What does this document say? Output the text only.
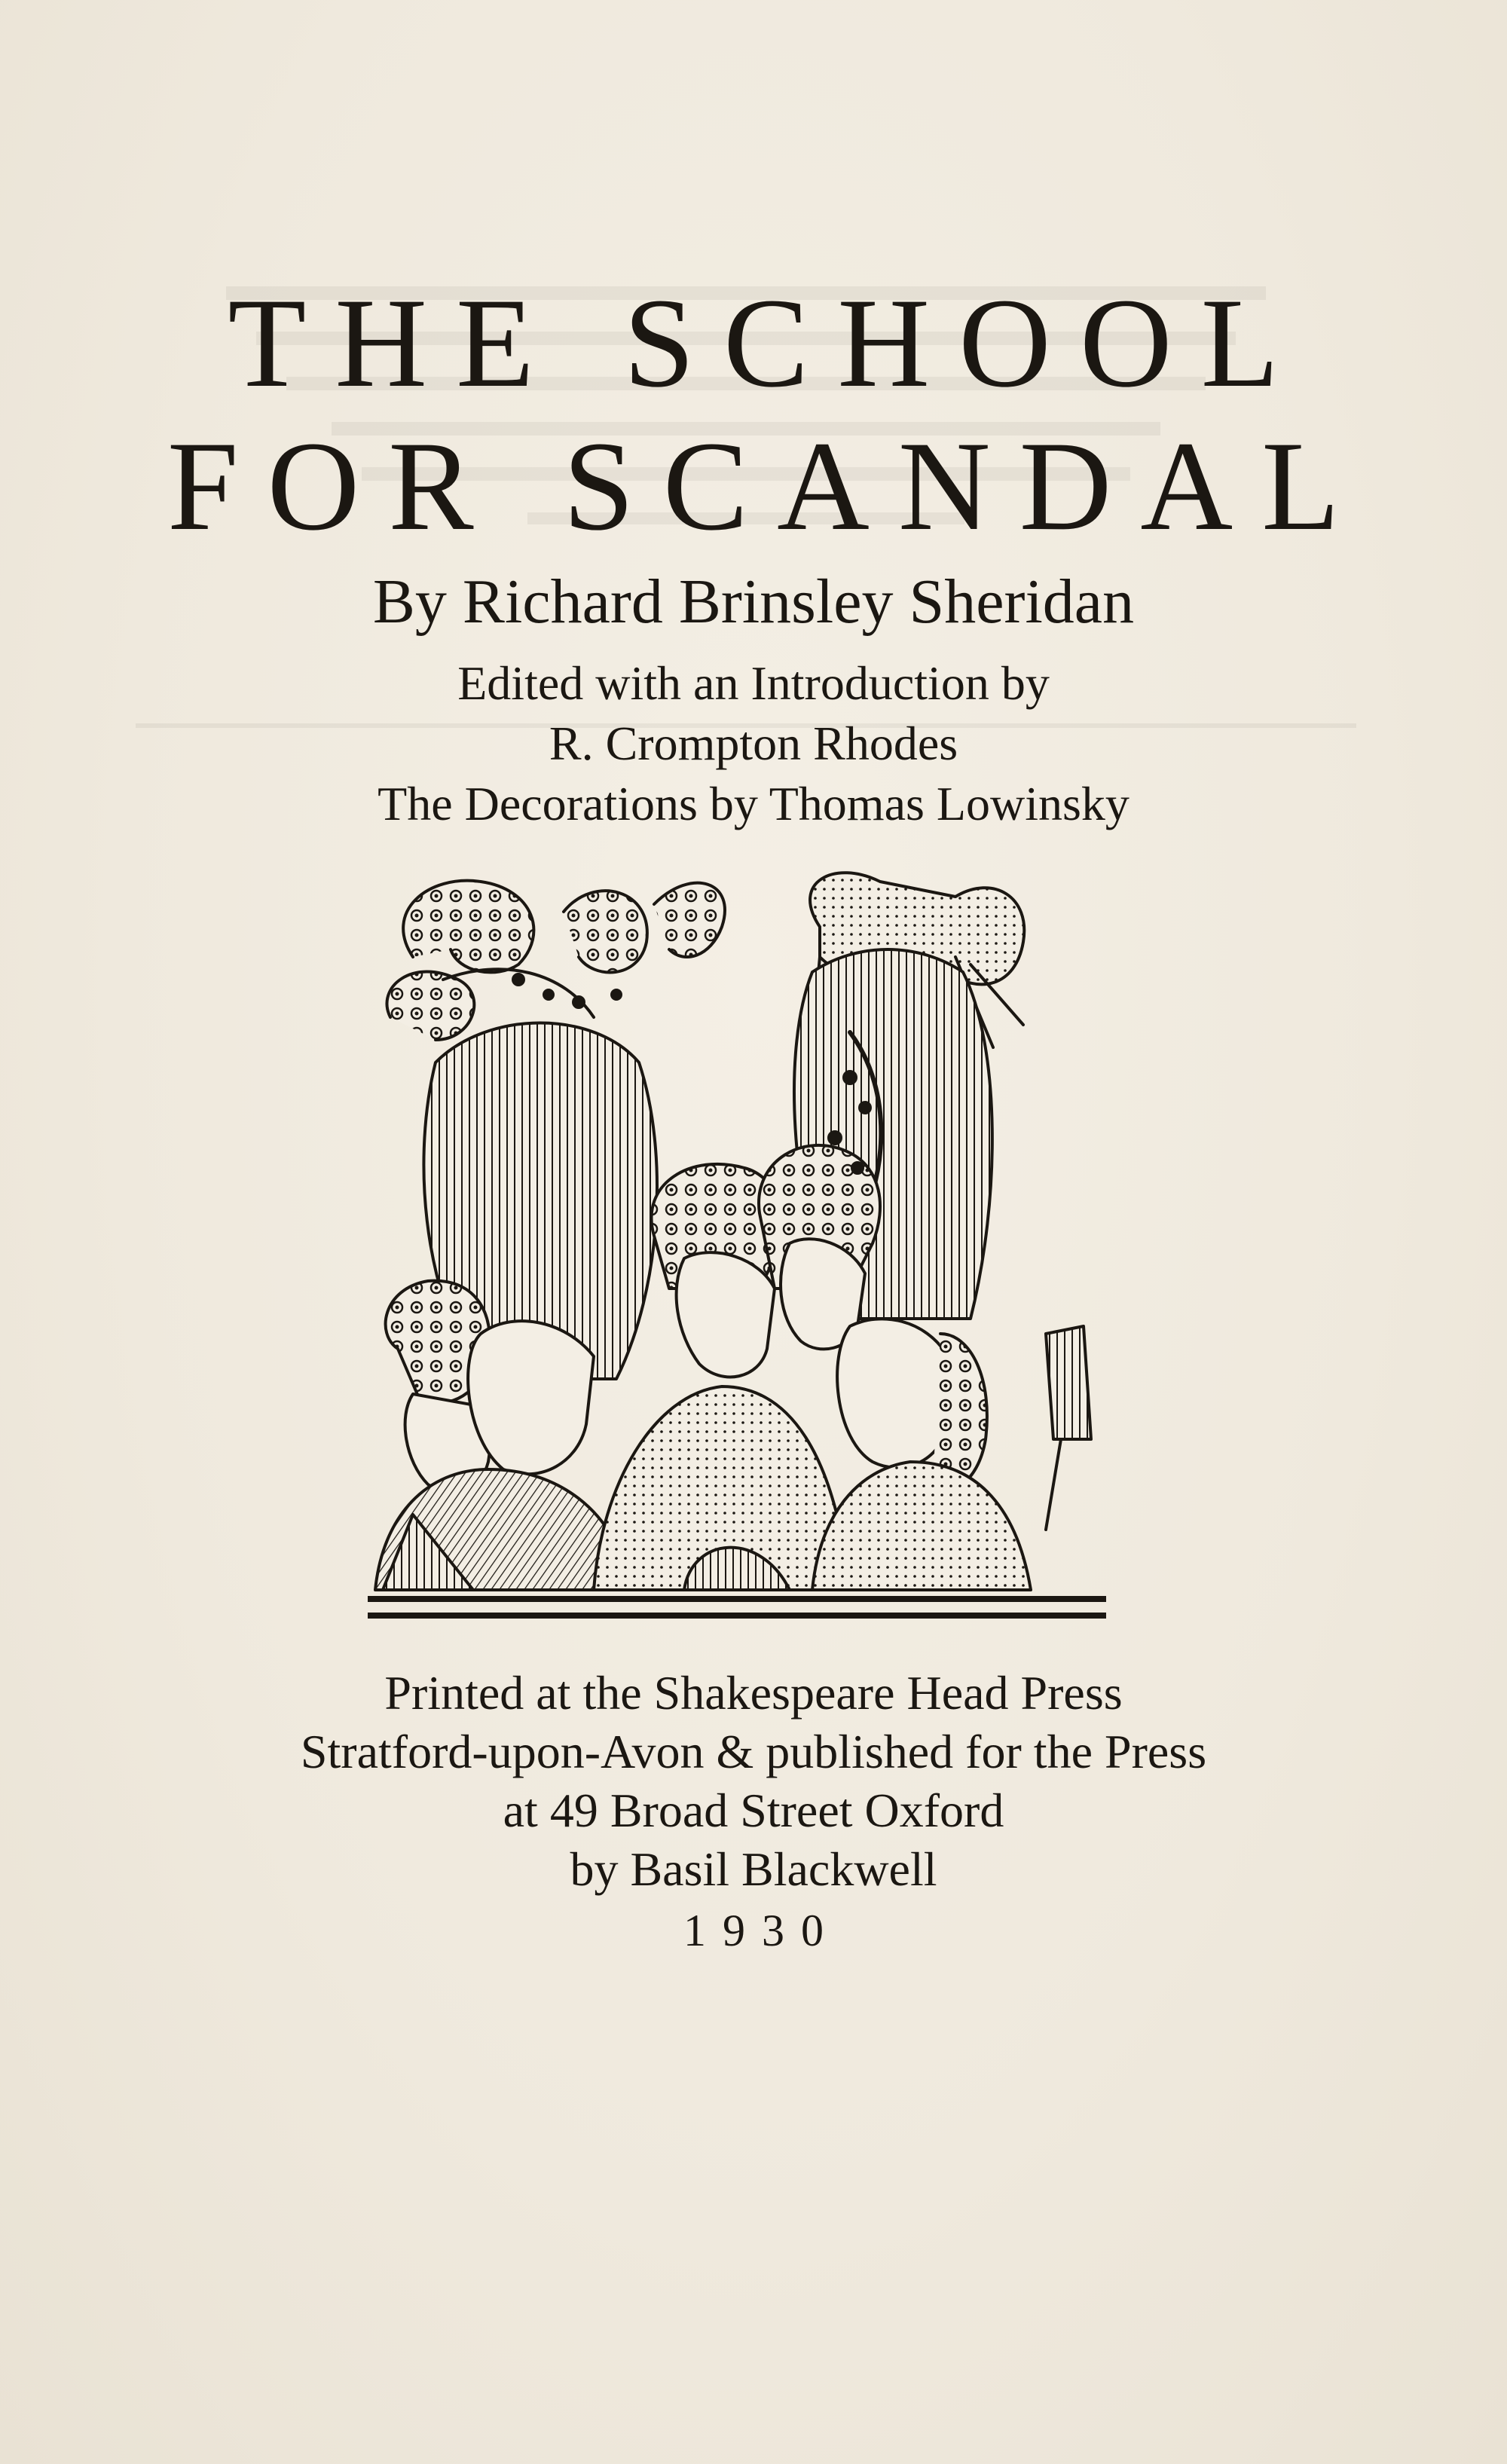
THE SCHOOL
FOR SCANDAL
By Richard Brinsley Sheridan
Edited with an Introduction by
R. Crompton Rhodes
The Decorations by Thomas Lowinsky
Printed at the Shakespeare Head Press
Stratford-upon-Avon & published for the Press
at 49 Broad Street Oxford
by Basil Blackwell
1930
